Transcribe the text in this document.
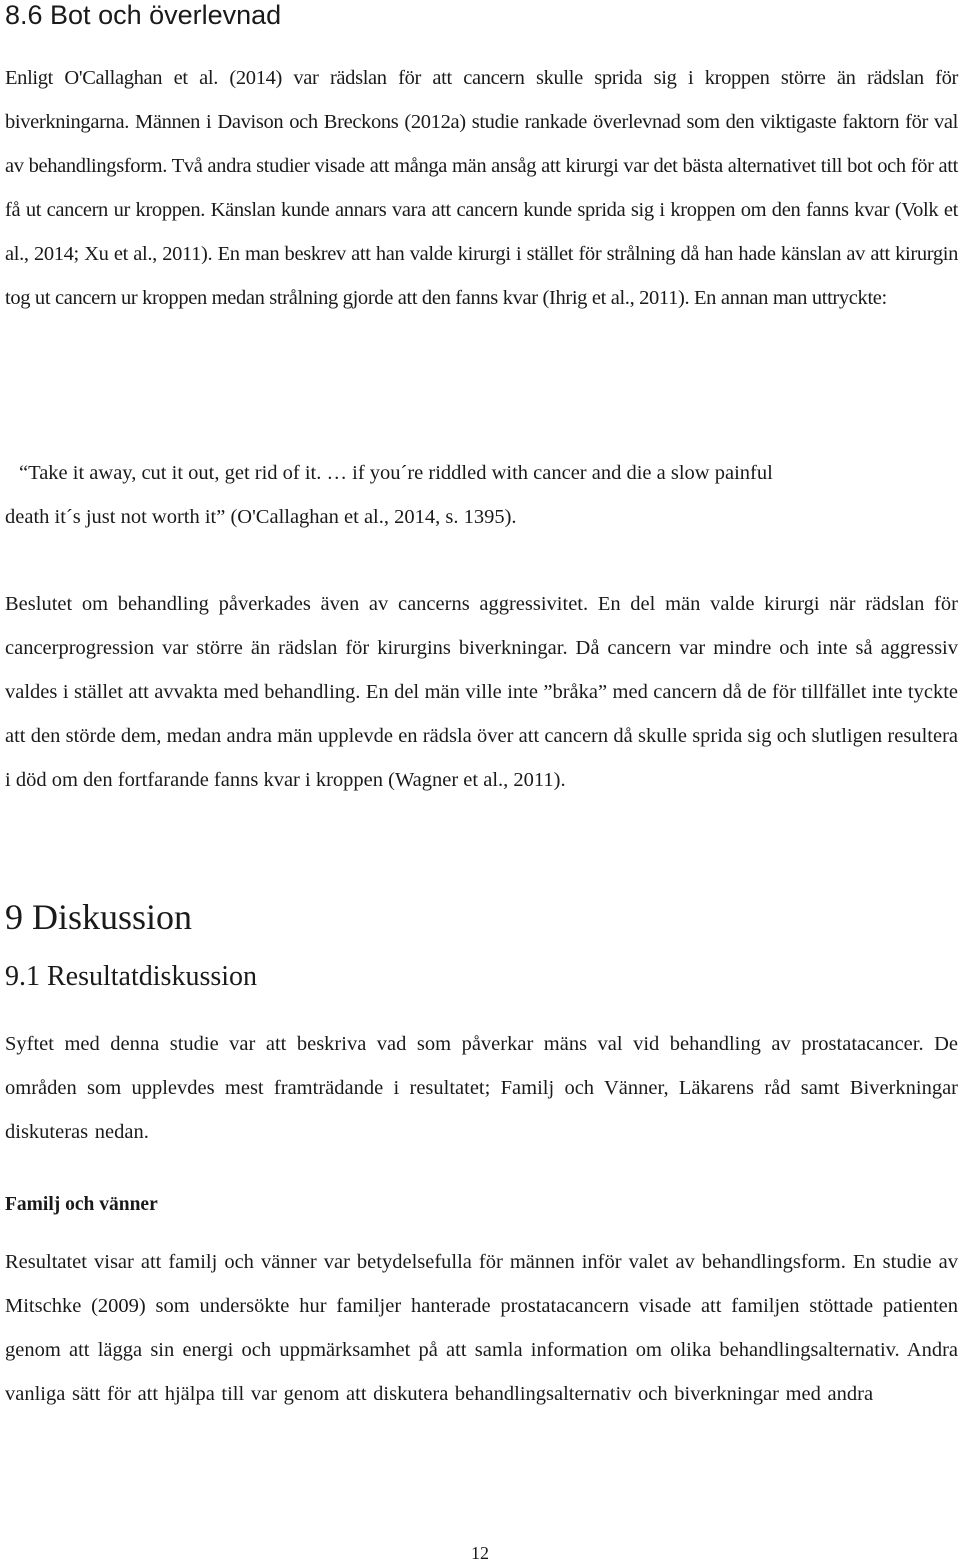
8.6 Bot och överlevnad

Enligt O'Callaghan et al. (2014) var rädslan för att cancern skulle sprida sig i kroppen större än rädslan för biverkningarna. Männen i Davison och Breckons (2012a) studie rankade överlevnad som den viktigaste faktorn för val av behandlingsform. Två andra studier visade att många män ansåg att kirurgi var det bästa alternativet till bot och för att få ut cancern ur kroppen. Känslan kunde annars vara att cancern kunde sprida sig i kroppen om den fanns kvar (Volk et al., 2014; Xu et al., 2011). En man beskrev att han valde kirurgi i stället för strålning då han hade känslan av att kirurgin tog ut cancern ur kroppen medan strålning gjorde att den fanns kvar (Ihrig et al., 2011). En annan man uttryckte:

“Take it away, cut it out, get rid of it. … if you´re riddled with cancer and die a slow painful
death it´s just not worth it” (O'Callaghan et al., 2014, s. 1395).

Beslutet om behandling påverkades även av cancerns aggressivitet. En del män valde kirurgi när rädslan för cancerprogression var större än rädslan för kirurgins biverkningar. Då cancern var mindre och inte så aggressiv valdes i stället att avvakta med behandling. En del män ville inte ”bråka” med cancern då de för tillfället inte tyckte att den störde dem, medan andra män upplevde en rädsla över att cancern då skulle sprida sig och slutligen resultera i död om den fortfarande fanns kvar i kroppen (Wagner et al., 2011).

9 Diskussion
9.1 Resultatdiskussion

Syftet med denna studie var att beskriva vad som påverkar mäns val vid behandling av prostatacancer. De områden som upplevdes mest framträdande i resultatet; Familj och Vänner, Läkarens råd samt Biverkningar diskuteras nedan.

Familj och vänner

Resultatet visar att familj och vänner var betydelsefulla för männen inför valet av behandlingsform. En studie av Mitschke (2009) som undersökte hur familjer hanterade prostatacancern visade att familjen stöttade patienten genom att lägga sin energi och uppmärksamhet på att samla information om olika behandlingsalternativ. Andra vanliga sätt för att hjälpa till var genom att diskutera behandlingsalternativ och biverkningar med andra

12
